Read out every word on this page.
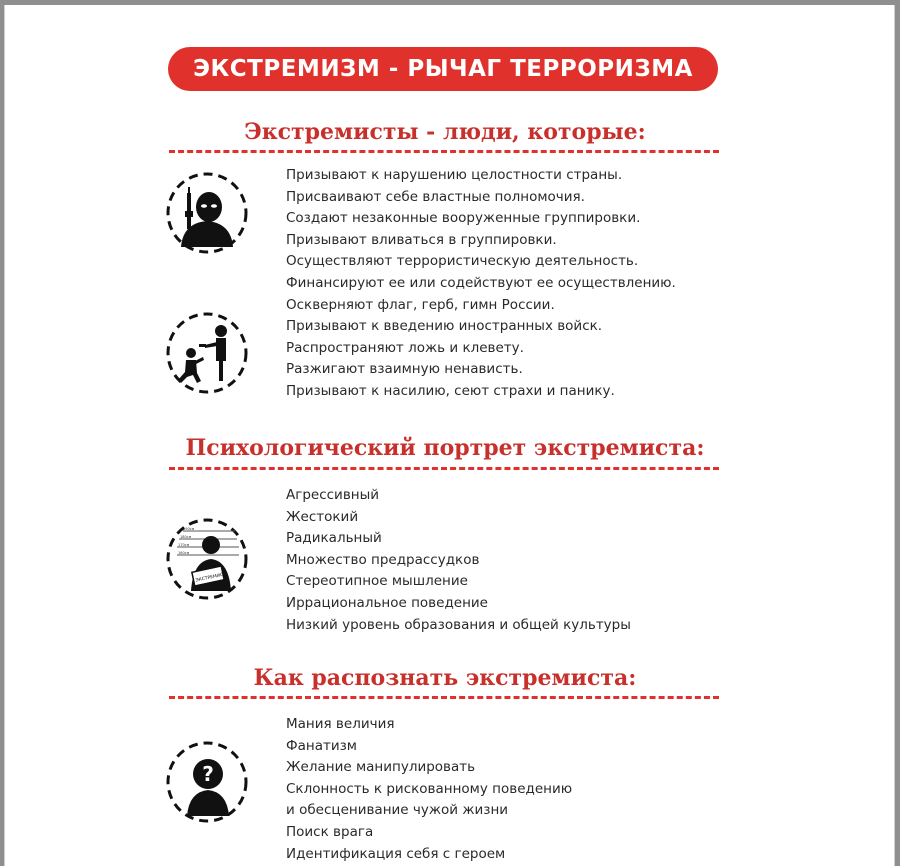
ЭКСТРЕМИЗМ - РЫЧАГ ТЕРРОРИЗМА
Экстремисты - люди, которые:
Призывают к нарушению целостности страны.
Присваивают себе властные полномочия.
Создают незаконные вооруженные группировки.
Призывают вливаться в группировки.
Осуществляют террористическую деятельность.
Финансируют ее или содействуют ее осуществлению.
Оскверняют флаг, герб, гимн России.
Призывают к введению иностранных войск.
Распространяют ложь и клевету.
Разжигают взаимную ненависть.
Призывают к насилию, сеют страхи и панику.
Психологический портрет экстремиста:
190см
180см
170см
160см
ЭКСТРЕМИСТ
Агрессивный
Жестокий
Радикальный
Множество предрассудков
Стереотипное мышление
Иррациональное поведение
Низкий уровень образования и общей культуры
Как распознать экстремиста:
?
Мания величия
Фанатизм
Желание манипулировать
Склонность к рискованному поведению
и обесценивание чужой жизни
Поиск врага
Идентификация себя с героем
